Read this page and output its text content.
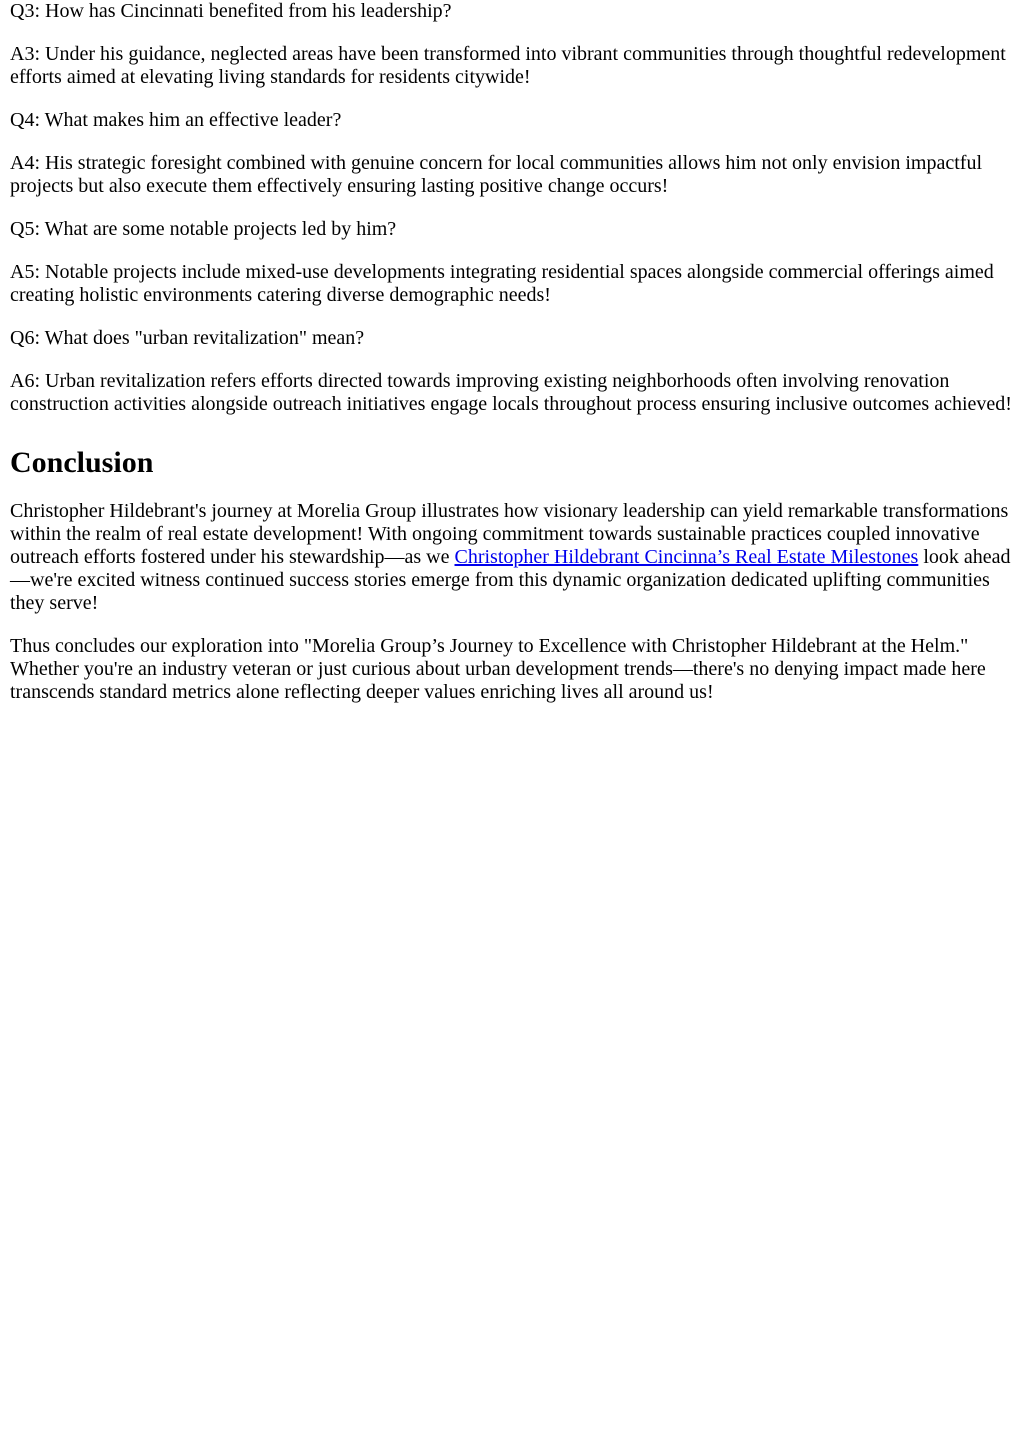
Q3: How has Cincinnati benefited from his leadership?

A3: Under his guidance, neglected areas have been transformed into vibrant communities through thoughtful redevelopment efforts aimed at elevating living standards for residents citywide!

Q4: What makes him an effective leader?

A4: His strategic foresight combined with genuine concern for local communities allows him not only envision impactful projects but also execute them effectively ensuring lasting positive change occurs!

Q5: What are some notable projects led by him?

A5: Notable projects include mixed-use developments integrating residential spaces alongside commercial offerings aimed creating holistic environments catering diverse demographic needs!

Q6: What does "urban revitalization" mean?

A6: Urban revitalization refers efforts directed towards improving existing neighborhoods often involving renovation construction activities alongside outreach initiatives engage locals throughout process ensuring inclusive outcomes achieved!

Conclusion

Christopher Hildebrant's journey at Morelia Group illustrates how visionary leadership can yield remarkable transformations within the realm of real estate development! With ongoing commitment towards sustainable practices coupled innovative outreach efforts fostered under his stewardship—as we Christopher Hildebrant Cincinna’s Real Estate Milestones look ahead—we're excited witness continued success stories emerge from this dynamic organization dedicated uplifting communities they serve!

Thus concludes our exploration into "Morelia Group’s Journey to Excellence with Christopher Hildebrant at the Helm." Whether you're an industry veteran or just curious about urban development trends—there's no denying impact made here transcends standard metrics alone reflecting deeper values enriching lives all around us!
